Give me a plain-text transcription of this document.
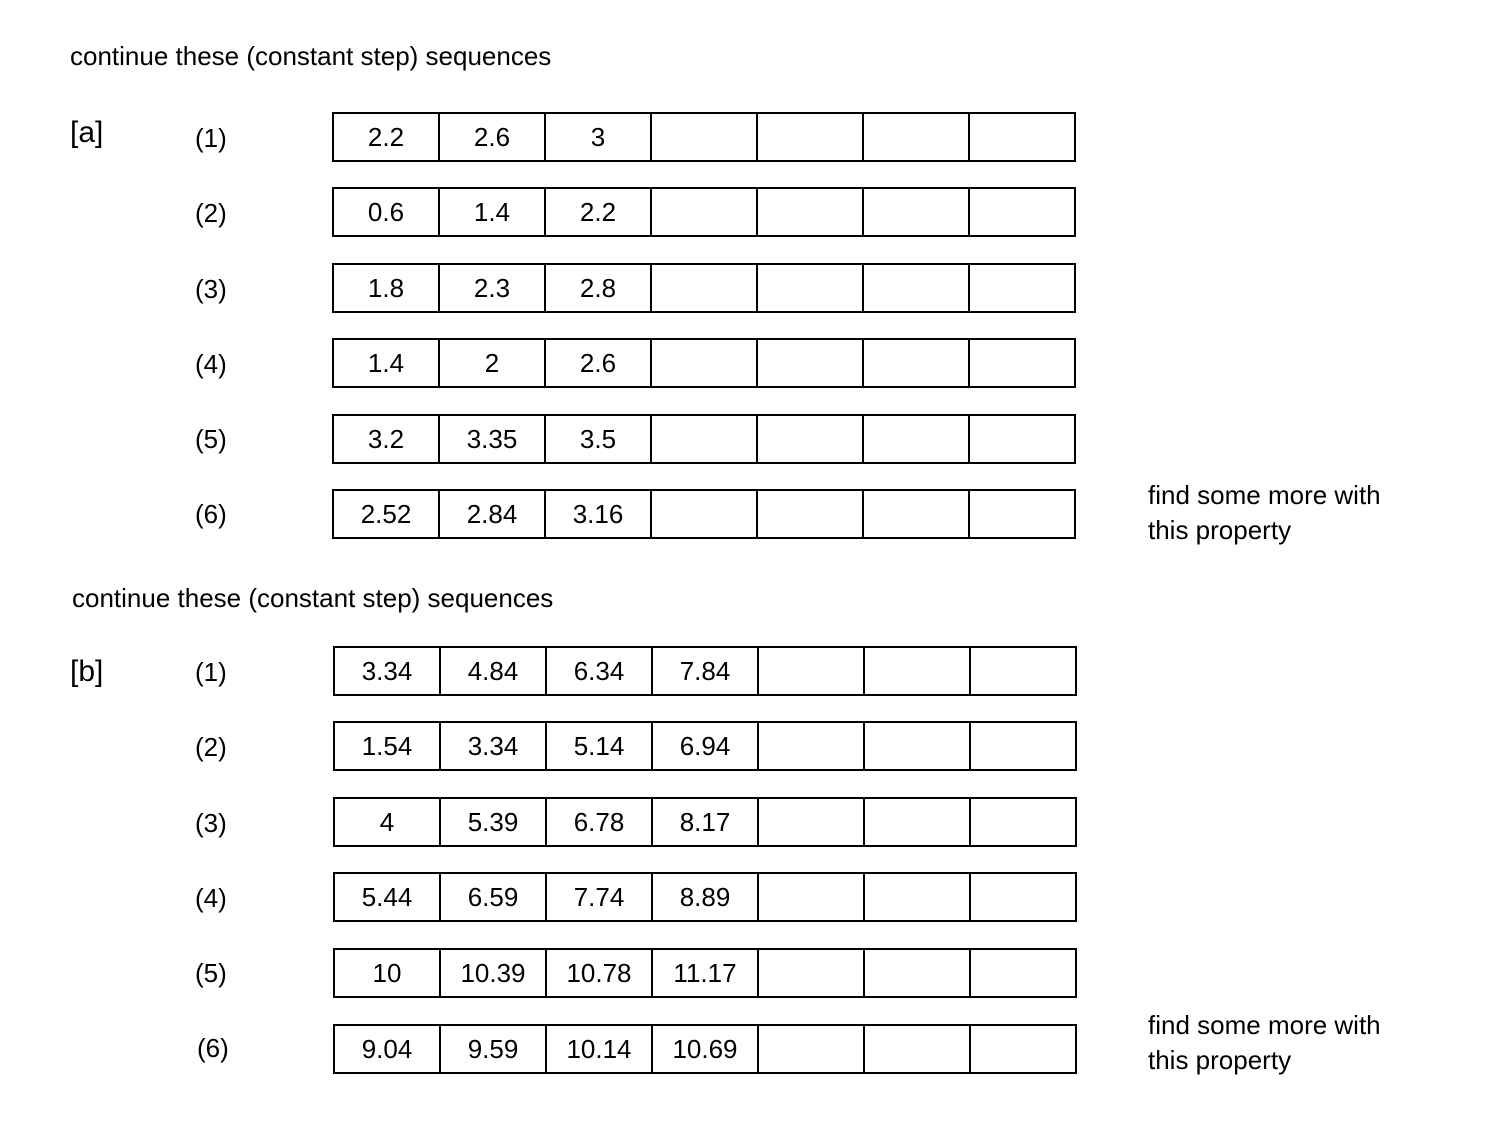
continue these (constant step) sequences
[a]	(1)	2.2	2.6	3
(2)	0.6	1.4	2.2
(3)	1.8	2.3	2.8
(4)	1.4	2	2.6
(5)	3.2	3.35	3.5
(6)	2.52	2.84	3.16
find some more with this property
continue these (constant step) sequences
[b]	(1)	3.34	4.84	6.34	7.84
(2)	1.54	3.34	5.14	6.94
(3)	4	5.39	6.78	8.17
(4)	5.44	6.59	7.74	8.89
(5)	10	10.39	10.78	11.17
(6)	9.04	9.59	10.14	10.69
find some more with this property
